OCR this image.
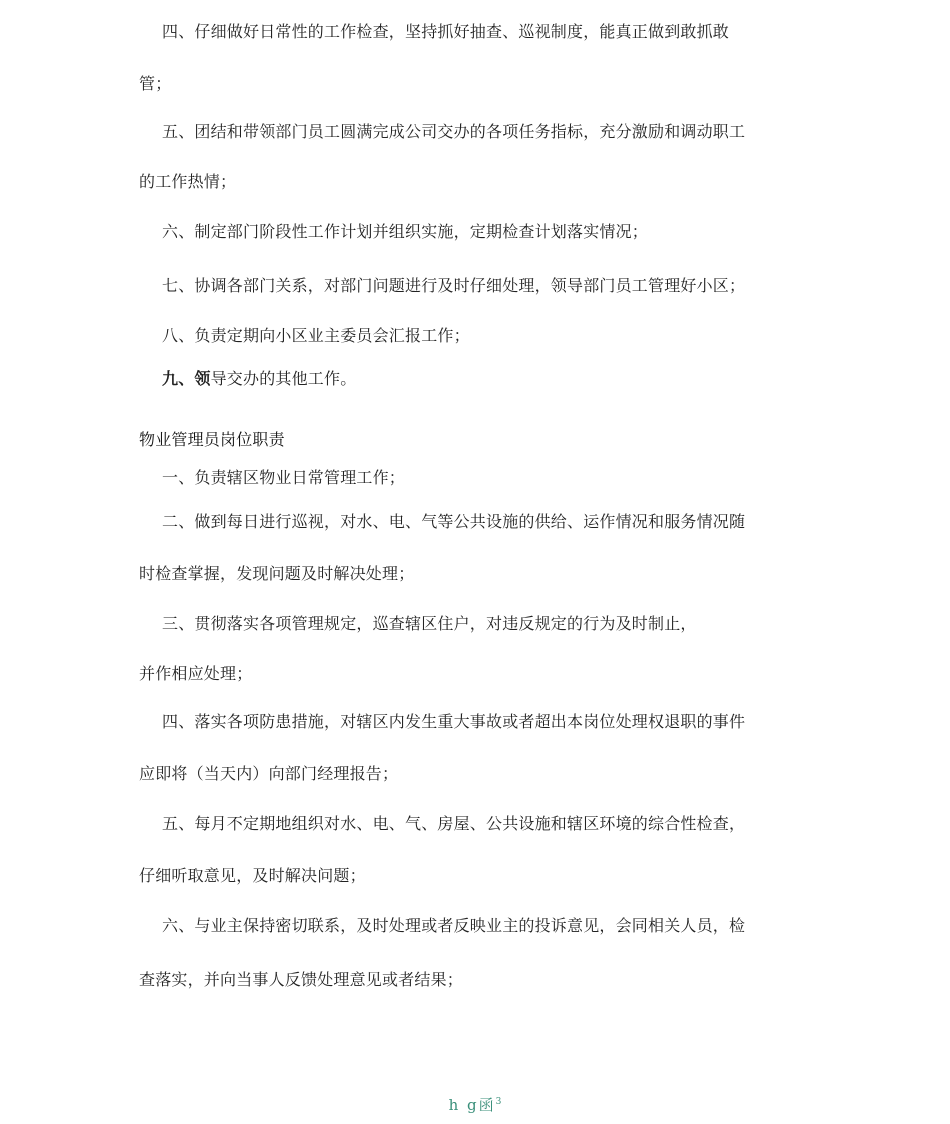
四、仔细做好日常性的工作检查，坚持抓好抽查、巡视制度，能真正做到敢抓敢
管；
五、团结和带领部门员工圆满完成公司交办的各项任务指标，充分激励和调动职工
的工作热情；
六、制定部门阶段性工作计划并组织实施，定期检查计划落实情况；
七、协调各部门关系，对部门问题进行及时仔细处理，领导部门员工管理好小区；
八、负责定期向小区业主委员会汇报工作；
九、领导交办的其他工作。
物业管理员岗位职责
一、负责辖区物业日常管理工作；
二、做到每日进行巡视，对水、电、气等公共设施的供给、运作情况和服务情况随
时检查掌握，发现问题及时解决处理；
三、贯彻落实各项管理规定，巡查辖区住户，对违反规定的行为及时制止，
并作相应处理；
四、落实各项防患措施，对辖区内发生重大事故或者超出本岗位处理权退职的事件
应即将（当天内）向部门经理报告；
五、每月不定期地组织对水、电、气、房屋、公共设施和辖区环境的综合性检查，
仔细听取意见，及时解决问题；
六、与业主保持密切联系，及时处理或者反映业主的投诉意见，会同相关人员，检
查落实，并向当事人反馈处理意见或者结果；
h g函$^3$
